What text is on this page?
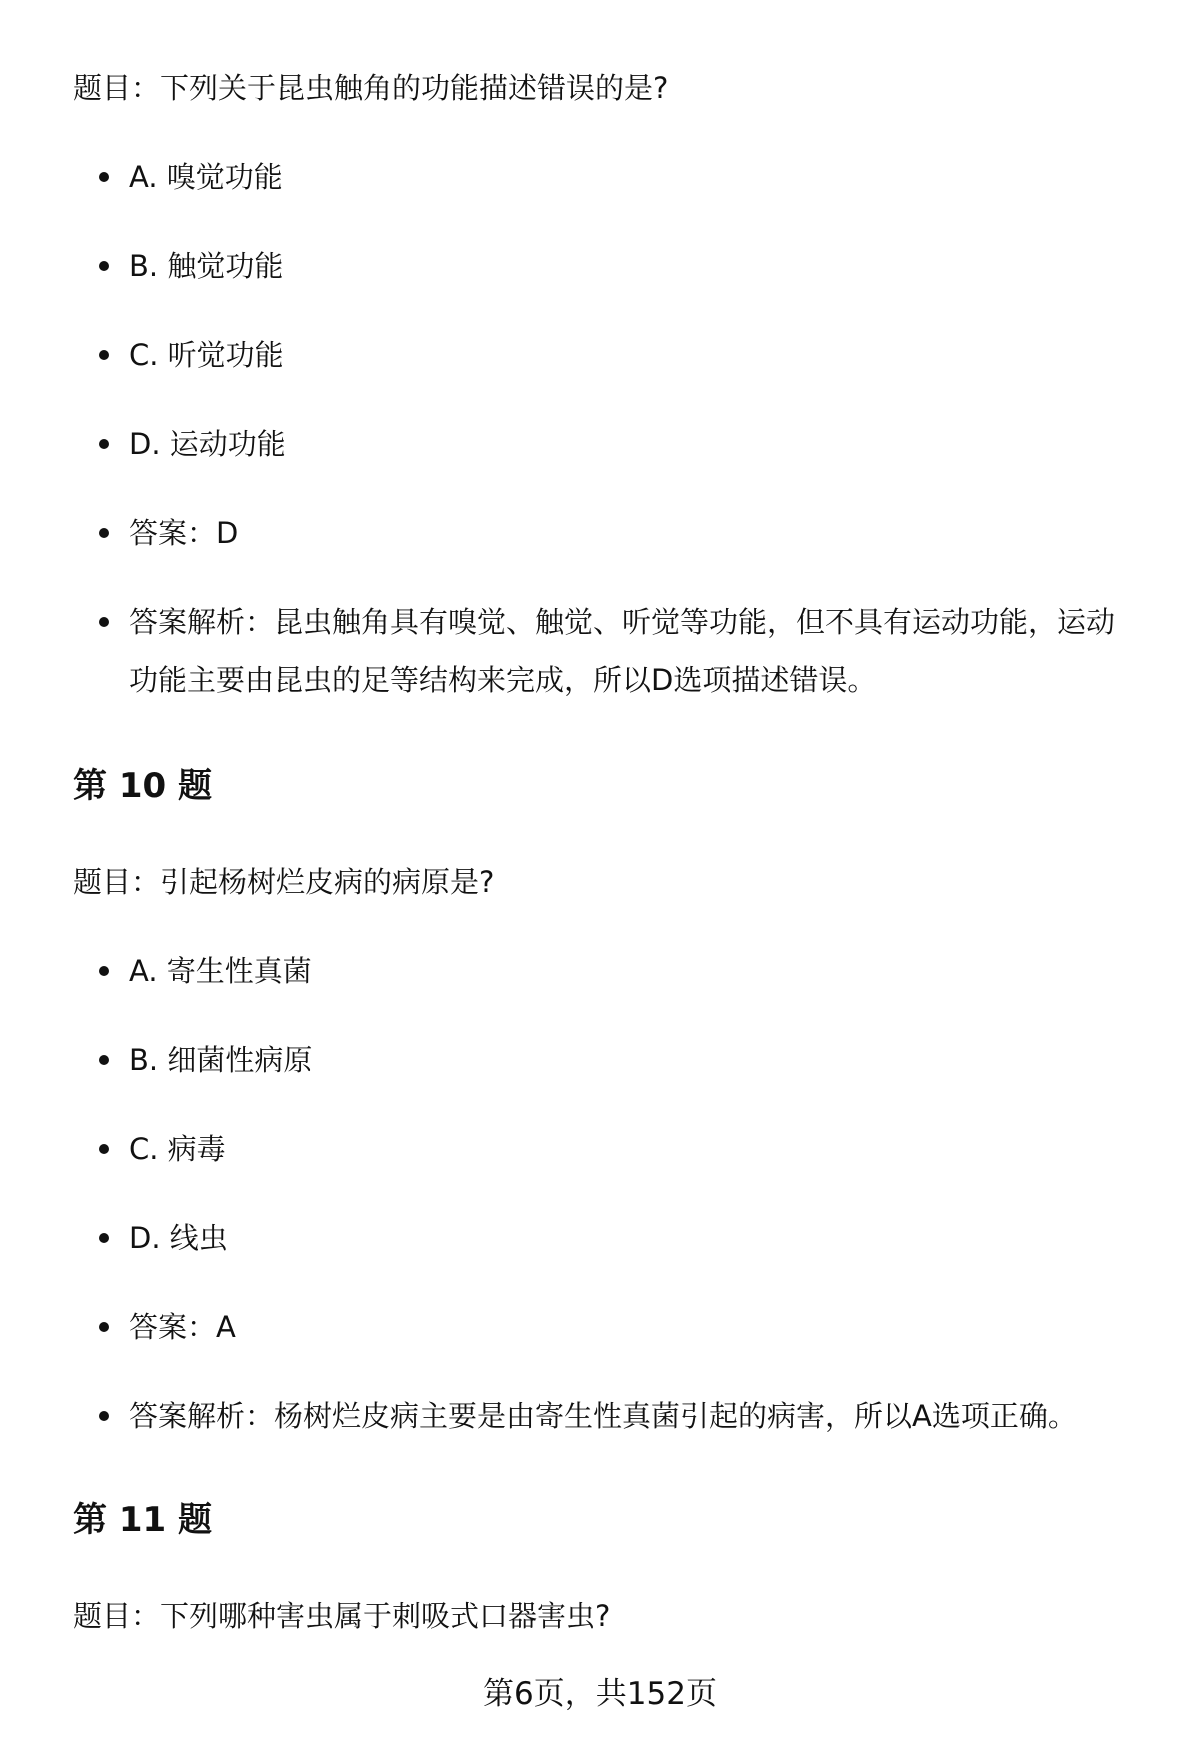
题目：下列关于昆虫触角的功能描述错误的是?

A. 嗅觉功能
B. 触觉功能
C. 听觉功能
D. 运动功能
答案：D
答案解析：昆虫触角具有嗅觉、触觉、听觉等功能，但不具有运动功能，运动功能主要由昆虫的足等结构来完成，所以D选项描述错误。
第 10 题

题目：引起杨树烂皮病的病原是?

A. 寄生性真菌
B. 细菌性病原
C. 病毒
D. 线虫
答案：A
答案解析：杨树烂皮病主要是由寄生性真菌引起的病害，所以A选项正确。
第 11 题

题目：下列哪种害虫属于刺吸式口器害虫?

第6页，共152页
